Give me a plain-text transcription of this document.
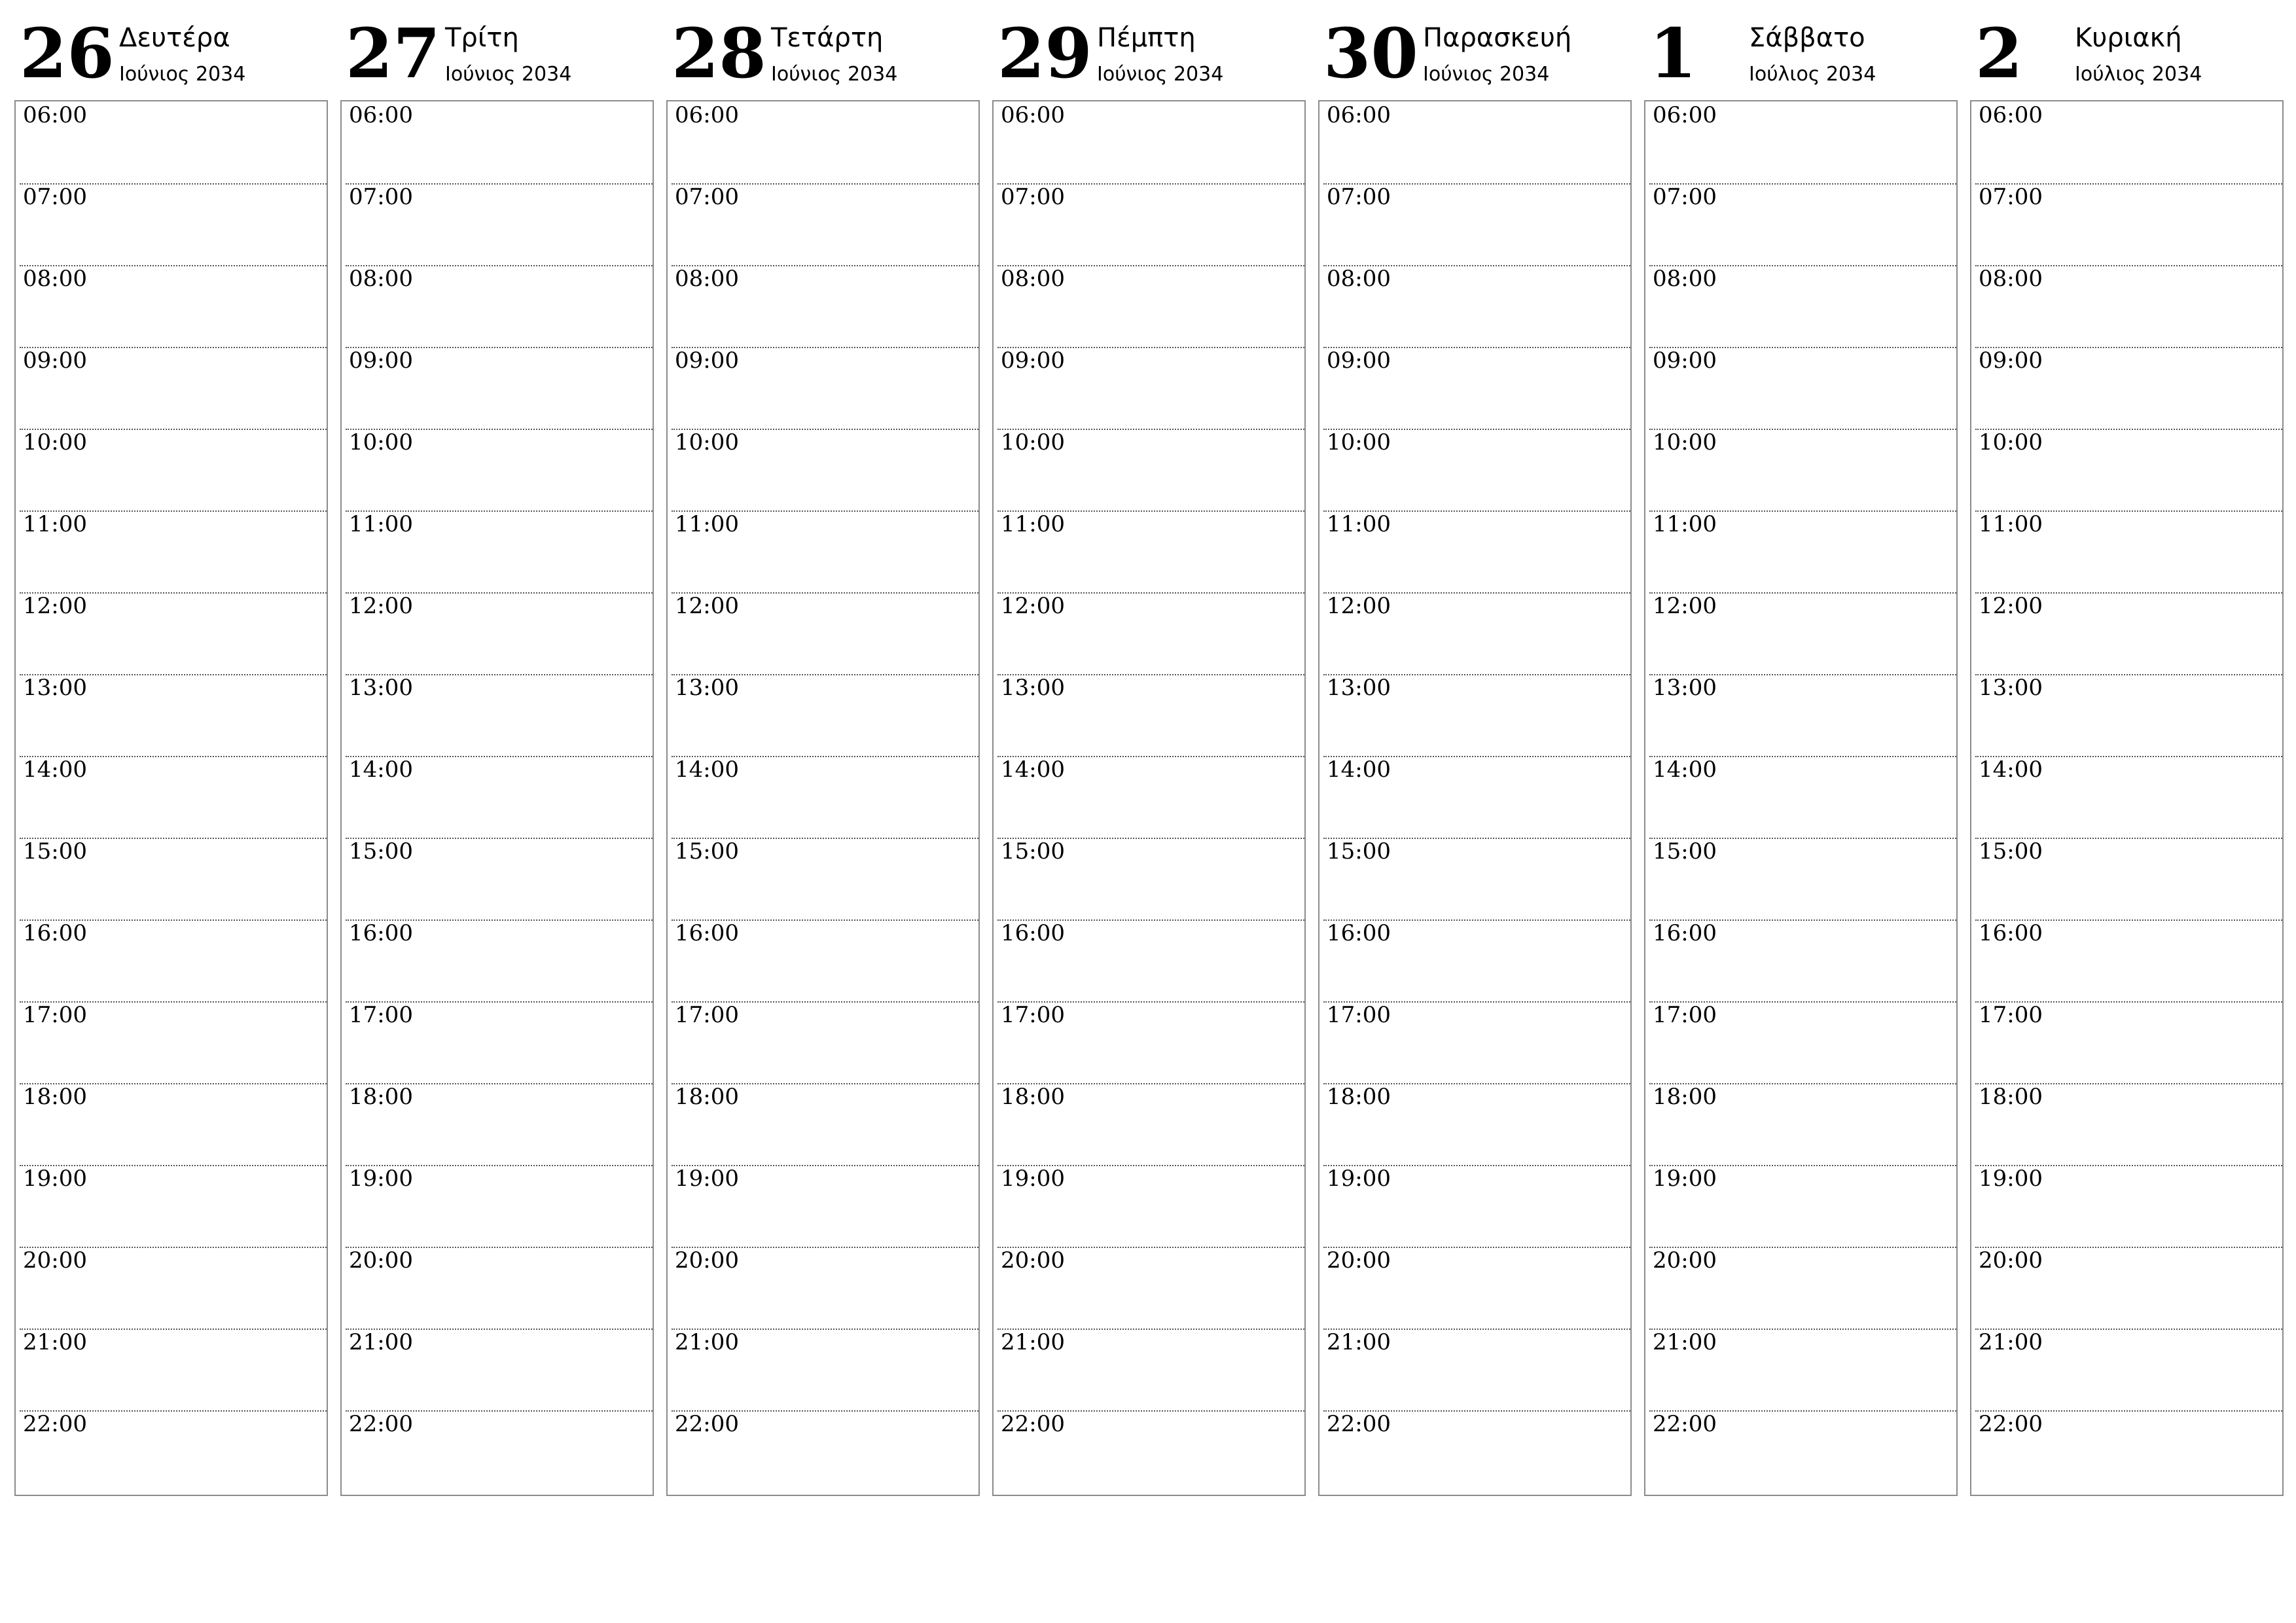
26 Δευτέρα
Ιούνιος 2034
06:00
07:00
08:00
09:00
10:00
11:00
12:00
13:00
14:00
15:00
16:00
17:00
18:00
19:00
20:00
21:00
22:00
27 Τρίτη
Ιούνιος 2034
06:00
07:00
08:00
09:00
10:00
11:00
12:00
13:00
14:00
15:00
16:00
17:00
18:00
19:00
20:00
21:00
22:00
28 Τετάρτη
Ιούνιος 2034
06:00
07:00
08:00
09:00
10:00
11:00
12:00
13:00
14:00
15:00
16:00
17:00
18:00
19:00
20:00
21:00
22:00
29 Πέμπτη
Ιούνιος 2034
06:00
07:00
08:00
09:00
10:00
11:00
12:00
13:00
14:00
15:00
16:00
17:00
18:00
19:00
20:00
21:00
22:00
30 Παρασκευή
Ιούνιος 2034
06:00
07:00
08:00
09:00
10:00
11:00
12:00
13:00
14:00
15:00
16:00
17:00
18:00
19:00
20:00
21:00
22:00
1 Σάββατο
Ιούλιος 2034
06:00
07:00
08:00
09:00
10:00
11:00
12:00
13:00
14:00
15:00
16:00
17:00
18:00
19:00
20:00
21:00
22:00
2 Κυριακή
Ιούλιος 2034
06:00
07:00
08:00
09:00
10:00
11:00
12:00
13:00
14:00
15:00
16:00
17:00
18:00
19:00
20:00
21:00
22:00
